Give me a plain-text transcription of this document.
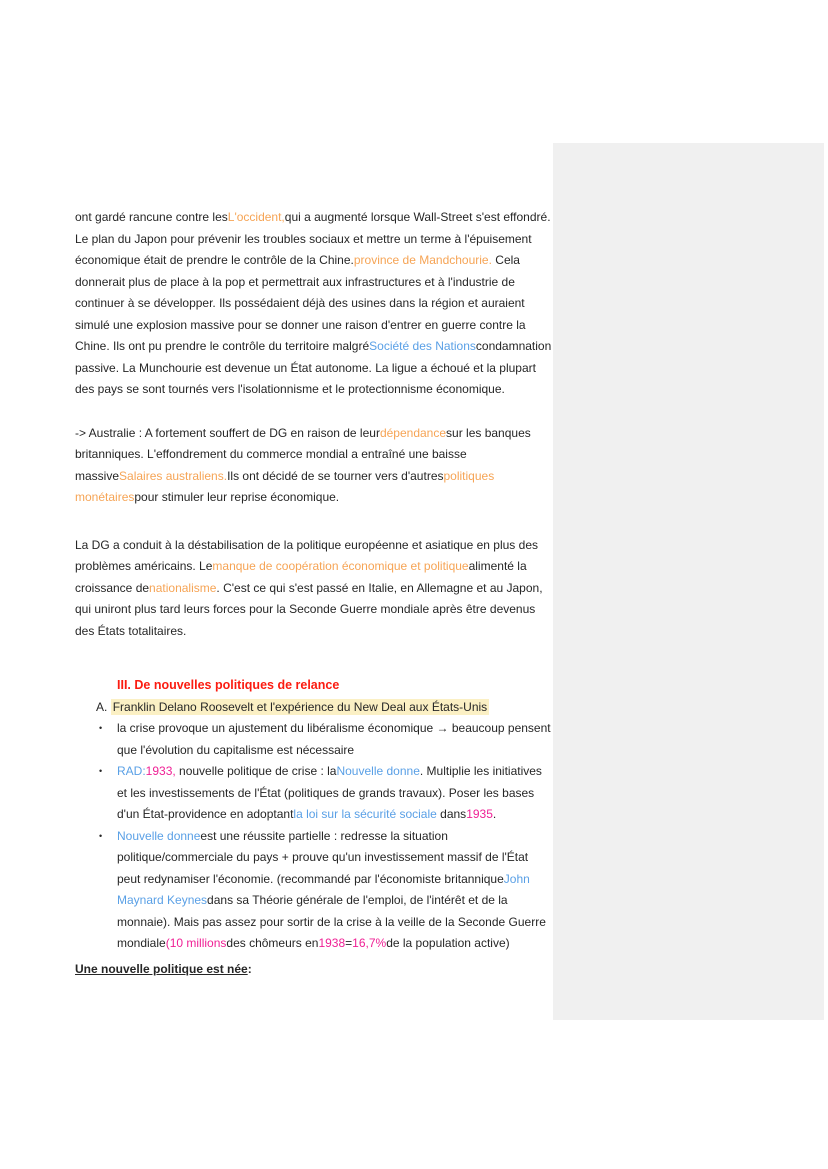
ont gardé rancune contre lesL'occident,qui a augmenté lorsque Wall-Street s'est effondré. Le plan du Japon pour prévenir les troubles sociaux et mettre un terme à l'épuisement économique était de prendre le contrôle de la Chine.province de Mandchourie. Cela donnerait plus de place à la pop et permettrait aux infrastructures et à l'industrie de continuer à se développer. Ils possédaient déjà des usines dans la région et auraient simulé une explosion massive pour se donner une raison d'entrer en guerre contre la Chine. Ils ont pu prendre le contrôle du territoire malgréSociété des Nationscondamnation passive. La Munchourie est devenue un État autonome. La ligue a échoué et la plupart des pays se sont tournés vers l'isolationnisme et le protectionnisme économique.

-> Australie : A fortement souffert de DG en raison de leurdépendancesur les banques britanniques. L'effondrement du commerce mondial a entraîné une baisse massiveSalaires australiens.Ils ont décidé de se tourner vers d'autrespolitiques monétairespour stimuler leur reprise économique.

La DG a conduit à la déstabilisation de la politique européenne et asiatique en plus des problèmes américains. Lemanque de coopération économique et politiquealimenté la croissance denationalisme. C'est ce qui s'est passé en Italie, en Allemagne et au Japon, qui uniront plus tard leurs forces pour la Seconde Guerre mondiale après être devenus des États totalitaires.

III. De nouvelles politiques de relance
A. Franklin Delano Roosevelt et l'expérience du New Deal aux États-Unis
• la crise provoque un ajustement du libéralisme économique → beaucoup pensent que l'évolution du capitalisme est nécessaire
• RAD:1933, nouvelle politique de crise : laNouvelle donne. Multiplie les initiatives et les investissements de l'État (politiques de grands travaux). Poser les bases d'un État-providence en adoptantla loi sur la sécurité sociale dans1935.
• Nouvelle donneest une réussite partielle : redresse la situation politique/commerciale du pays + prouve qu'un investissement massif de l'État peut redynamiser l'économie. (recommandé par l'économiste britanniqueJohn Maynard Keynesdans sa Théorie générale de l'emploi, de l'intérêt et de la monnaie). Mais pas assez pour sortir de la crise à la veille de la Seconde Guerre mondiale(10 millionsdes chômeurs en1938=16,7%de la population active)
Une nouvelle politique est née:
